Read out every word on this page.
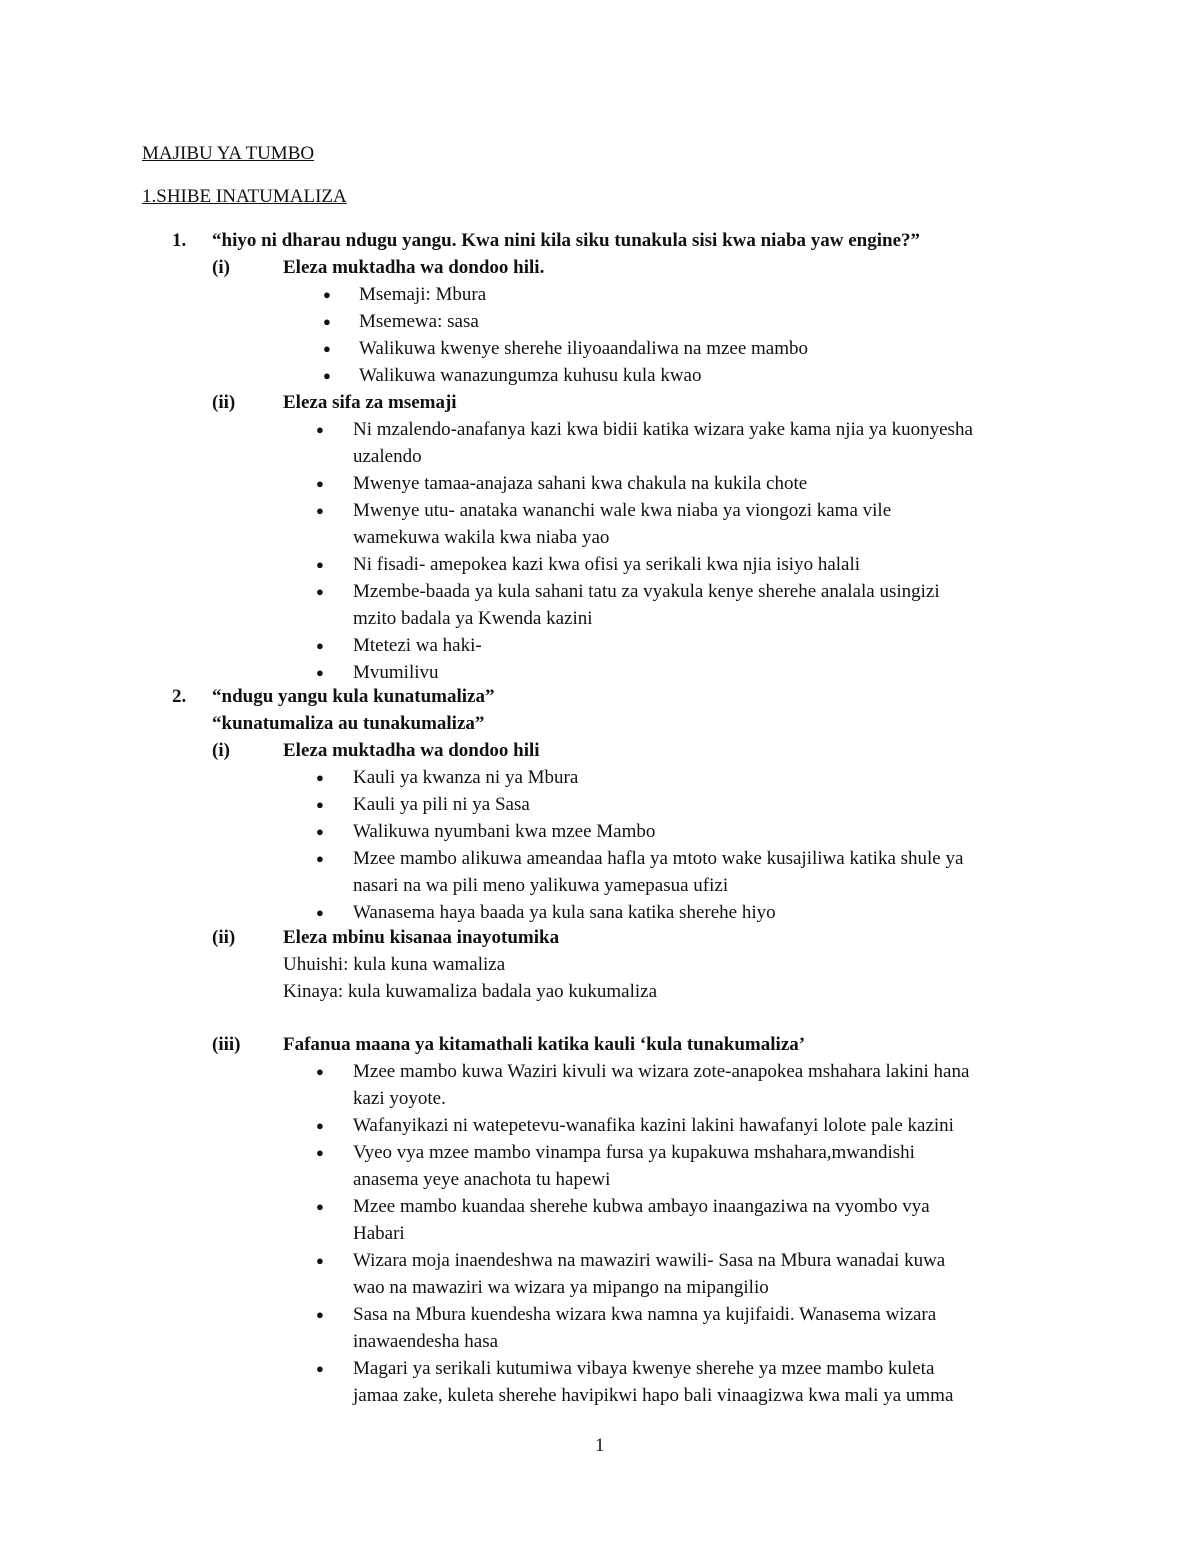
MAJIBU YA TUMBO
1.SHIBE INATUMALIZA
1. “hiyo ni dharau ndugu yangu. Kwa nini kila siku tunakula sisi kwa niaba yaw engine?”
(i)	Eleza muktadha wa dondoo hili.
● Msemaji: Mbura
● Msemewa: sasa
● Walikuwa kwenye sherehe iliyoaandaliwa na mzee mambo
● Walikuwa wanazungumza kuhusu kula kwao
(ii)	Eleza sifa za msemaji
● Ni mzalendo-anafanya kazi kwa bidii katika wizara yake kama njia ya kuonyesha
uzalendo
● Mwenye tamaa-anajaza sahani kwa chakula na kukila chote
● Mwenye utu- anataka wananchi wale kwa niaba ya viongozi kama vile
wamekuwa wakila kwa niaba yao
● Ni fisadi- amepokea kazi kwa ofisi ya serikali kwa njia isiyo halali
● Mzembe-baada ya kula sahani tatu za vyakula kenye sherehe analala usingizi
mzito badala ya Kwenda kazini
● Mtetezi wa haki-
● Mvumilivu
2. “ndugu yangu kula kunatumaliza”
“kunatumaliza au tunakumaliza”
(i)	Eleza muktadha wa dondoo hili
● Kauli ya kwanza ni ya Mbura
● Kauli ya pili ni ya Sasa
● Walikuwa nyumbani kwa mzee Mambo
● Mzee mambo alikuwa ameandaa hafla ya mtoto wake kusajiliwa katika shule ya
nasari na wa pili meno yalikuwa yamepasua ufizi
● Wanasema haya baada ya kula sana katika sherehe hiyo
(ii)	Eleza mbinu kisanaa inayotumika
Uhuishi: kula kuna wamaliza
Kinaya: kula kuwamaliza badala yao kukumaliza
(iii) Fafanua maana ya kitamathali katika kauli ‘kula tunakumaliza’
● Mzee mambo kuwa Waziri kivuli wa wizara zote-anapokea mshahara lakini hana
kazi yoyote.
● Wafanyikazi ni watepetevu-wanafika kazini lakini hawafanyi lolote pale kazini
● Vyeo vya mzee mambo vinampa fursa ya kupakuwa mshahara,mwandishi
anasema yeye anachota tu hapewi
● Mzee mambo kuandaa sherehe kubwa ambayo inaangaziwa na vyombo vya
Habari
● Wizara moja inaendeshwa na mawaziri wawili- Sasa na Mbura wanadai kuwa
wao na mawaziri wa wizara ya mipango na mipangilio
● Sasa na Mbura kuendesha wizara kwa namna ya kujifaidi. Wanasema wizara
inawaendesha hasa
● Magari ya serikali kutumiwa vibaya kwenye sherehe ya mzee mambo kuleta
jamaa zake, kuleta sherehe havipikwi hapo bali vinaagizwa kwa mali ya umma
1
